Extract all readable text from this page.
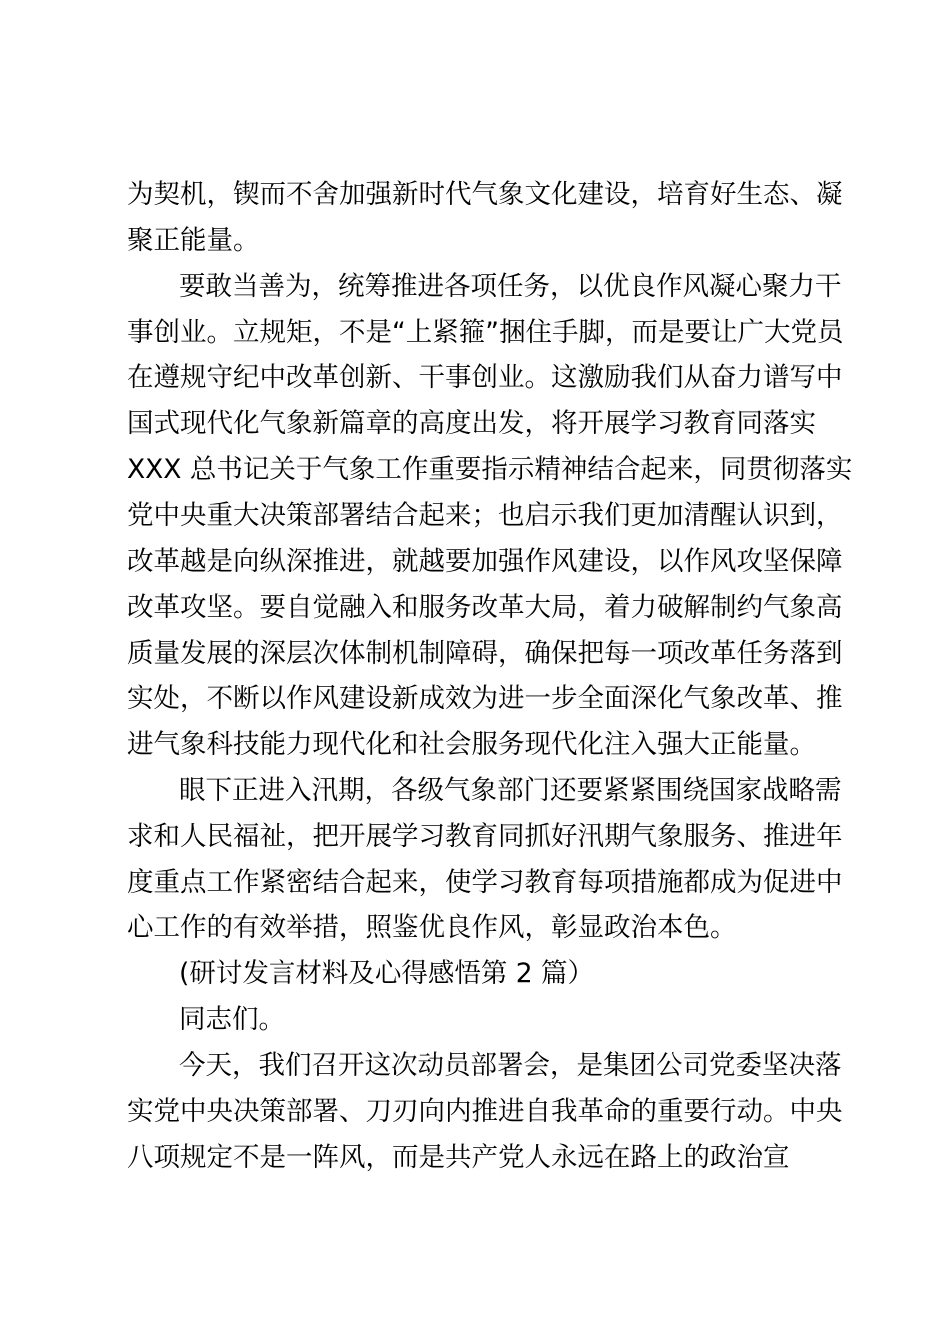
为契机，锲而不舍加强新时代气象文化建设，培育好生态、凝
聚正能量。
要敢当善为，统筹推进各项任务，以优良作风凝心聚力干
事创业。立规矩，不是“上紧箍”捆住手脚，而是要让广大党员
在遵规守纪中改革创新、干事创业。这激励我们从奋力谱写中
国式现代化气象新篇章的高度出发，将开展学习教育同落实
XXX 总书记关于气象工作重要指示精神结合起来，同贯彻落实
党中央重大决策部署结合起来；也启示我们更加清醒认识到，
改革越是向纵深推进，就越要加强作风建设，以作风攻坚保障
改革攻坚。要自觉融入和服务改革大局，着力破解制约气象高
质量发展的深层次体制机制障碍，确保把每一项改革任务落到
实处，不断以作风建设新成效为进一步全面深化气象改革、推
进气象科技能力现代化和社会服务现代化注入强大正能量。
眼下正进入汛期，各级气象部门还要紧紧围绕国家战略需
求和人民福祉，把开展学习教育同抓好汛期气象服务、推进年
度重点工作紧密结合起来，使学习教育每项措施都成为促进中
心工作的有效举措，照鉴优良作风，彰显政治本色。
(研讨发言材料及心得感悟第 2 篇）
同志们。
今天，我们召开这次动员部署会，是集团公司党委坚决落
实党中央决策部署、刀刃向内推进自我革命的重要行动。中央
八项规定不是一阵风，而是共产党人永远在路上的政治宣
